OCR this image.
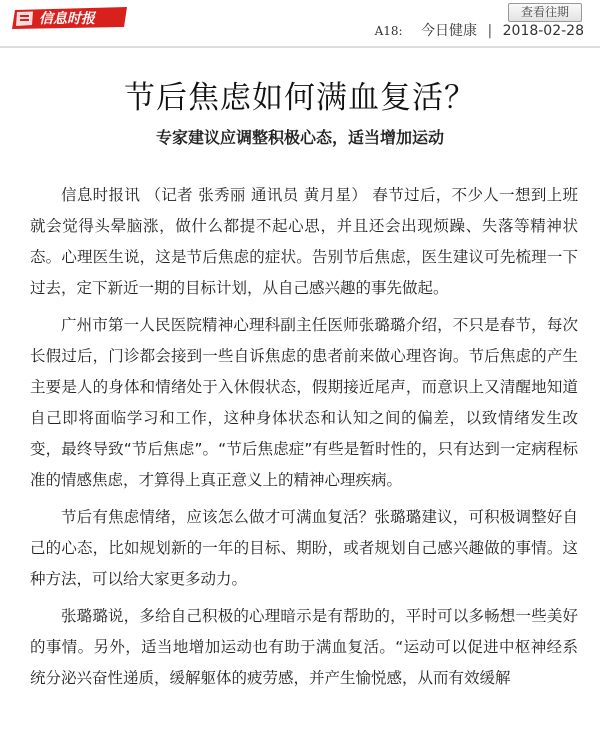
信息时报	查看往期
A18: 今日健康 | 2018-02-28
节后焦虑如何满血复活？
专家建议应调整积极心态，适当增加运动

信息时报讯 （记者 张秀丽 通讯员 黄月星） 春节过后，不少人一想到上班就会觉得头晕脑涨，做什么都提不起心思，并且还会出现烦躁、失落等精神状态。心理医生说，这是节后焦虑的症状。告别节后焦虑，医生建议可先梳理一下过去，定下新近一期的目标计划，从自己感兴趣的事先做起。

广州市第一人民医院精神心理科副主任医师张璐璐介绍，不只是春节，每次长假过后，门诊都会接到一些自诉焦虑的患者前来做心理咨询。节后焦虑的产生主要是人的身体和情绪处于入休假状态，假期接近尾声，而意识上又清醒地知道自己即将面临学习和工作，这种身体状态和认知之间的偏差，以致情绪发生改变，最终导致“节后焦虑”。“节后焦虑症”有些是暂时性的，只有达到一定病程标准的情感焦虑，才算得上真正意义上的精神心理疾病。

节后有焦虑情绪，应该怎么做才可满血复活？张璐璐建议，可积极调整好自己的心态，比如规划新的一年的目标、期盼，或者规划自己感兴趣做的事情。这种方法，可以给大家更多动力。

张璐璐说，多给自己积极的心理暗示是有帮助的，平时可以多畅想一些美好的事情。另外，适当地增加运动也有助于满血复活。“运动可以促进中枢神经系统分泌兴奋性递质，缓解躯体的疲劳感，并产生愉悦感，从而有效缓解
